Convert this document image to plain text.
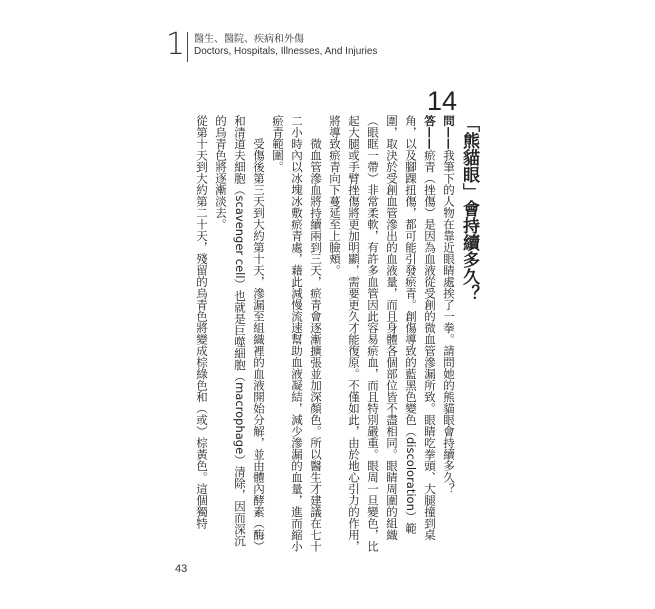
1 醫生、醫院、疾病和外傷
Doctors, Hospitals, Illnesses, And Injuries
14
「熊貓眼」會持續多久？
問——我筆下的人物在靠近眼睛處挨了一拳。請問她的熊貓眼會持續多久？

答——瘀青（挫傷）是因為血液從受創的微血管滲漏所致。眼睛吃拳頭、大腿撞到桌角，以及腳踝扭傷，都可能引發瘀青。創傷導致的藍黑色變色（discoloration）範圍，取決於受創血管滲出的血液量，而且身體各個部位皆不盡相同。眼睛周圍的組織（眼眶一帶）非常柔軟，有許多血管因此容易瘀血，而且特別嚴重。眼周一旦變色，比起大腿或手臂挫傷將更加明顯，需要更久才能復原。不僅如此，由於地心引力的作用，將導致瘀青向下蔓延至上臉頰。

微血管滲血將持續兩到三天，瘀青會逐漸擴張並加深顏色。所以醫生才建議在七十二小時內以冰塊冰敷瘀青處，藉此減慢流速幫助血液凝結，減少滲漏的血量，進而縮小瘀青範圍。

受傷後第三天到大約第十天，滲漏至組織裡的血液開始分解，並由體內酵素（酶）和清道夫細胞（scavenger cell）也就是巨噬細胞（macrophage）清除，因而深沉的烏青色將逐漸淡去。

從第十天到大約第二十天，殘留的烏青色將變成棕綠色和（或）棕黃色。這個獨特

43
